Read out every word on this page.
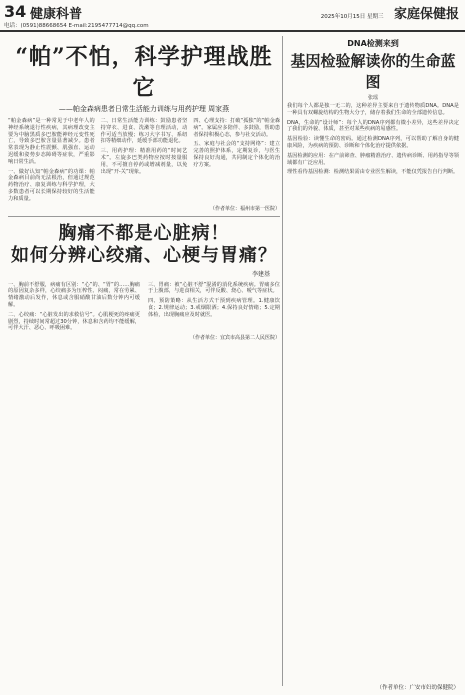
34 健康科普
电话：(0591)88668654 E-mail:2195477714@qq.com
2025年10月15日 星期三 家庭保健报
“帕”不怕，科学护理战胜它
——帕金森病患者日常生活能力训练与用药护理 周家燕

“帕金森病”是一种常见于中老年人的神经系统退行性疾病，其病理改变主要为中脑黑质多巴胺能神经元变性死亡，导致多巴胺含量显著减少。患者常表现为静止性震颤、肌强直、运动迟缓和姿势步态障碍等症状，严重影响日常生活。

一、做好认知“帕金森病”的功课：帕金森病目前尚无法根治，但通过规范药物治疗、康复训练与科学护理，大多数患者可以长期保持较好的生活能力和质量。

二、日常生活能力训练：鼓励患者坚持穿衣、进食、洗漱等自理活动，动作可适当放慢；练习大字书写、系纽扣等精细动作，延缓手部功能退化。

三、用药护理：精准用药的“时间艺术”。左旋多巴类药物应按时按量服用，不可擅自停药或增减剂量，以免出现“开-关”现象。

四、心理支持：打破“孤独”的“帕金森病”。家属应多陪伴、多鼓励，帮助患者保持积极心态，参与社交活动。

五、家庭与社会的“支持网络”：建立完善的照护体系，定期复诊，与医生保持良好沟通，共同制定个体化的治疗方案。

（作者单位：福州市第一医院）
胸痛不都是心脏病！
如何分辨心绞痛、心梗与胃痛？
李建基

一、胸前不舒服，病痛有区别：“心”的、“胃”的……胸痛的原因复杂多样，心绞痛多为压榨性、闷痛，常在劳累、情绪激动后发作，休息或含服硝酸甘油后数分钟内可缓解。

二、心绞痛：“心脏发出的求救信号”。心肌梗死的疼痛更剧烈，持续时间常超过30分钟，休息和含药均不能缓解，可伴大汗、恶心、呼吸困难。

三、胃痛：被“心脏不舒”混淆的消化系统疾病。胃痛多位于上腹部，与进食相关，可伴反酸、烧心、嗳气等症状。

四、预防策略：从生活方式干预到疾病管理。1.健康饮食；2.规律运动；3.戒烟限酒；4.保持良好情绪；5.定期体检，出现胸痛应及时就医。

（作者单位：宜宾市高县第二人民医院）
DNA检测来到
基因检验解读你的生命蓝图
张瑶

我们每个人都是独一无二的，这种差异主要来自于遗传物质DNA。DNA是一种具有双螺旋结构的生物大分子，储存着我们生命的全部遗传信息。

DNA，生命的“设计师”：每个人的DNA序列都有微小差异，这些差异决定了我们的外貌、体质，甚至对某些疾病的易感性。

基因检验：读懂生命的密码。通过检测DNA序列，可以帮助了解自身的健康风险，为疾病的预防、诊断和个体化治疗提供依据。

基因检测的应用：在产前筛查、肿瘤精准治疗、遗传病诊断、用药指导等领域都有广泛应用。

理性看待基因检测：检测结果需由专业医生解读，不能仅凭报告自行判断。

（作者单位：广安市妇幼保健院）
